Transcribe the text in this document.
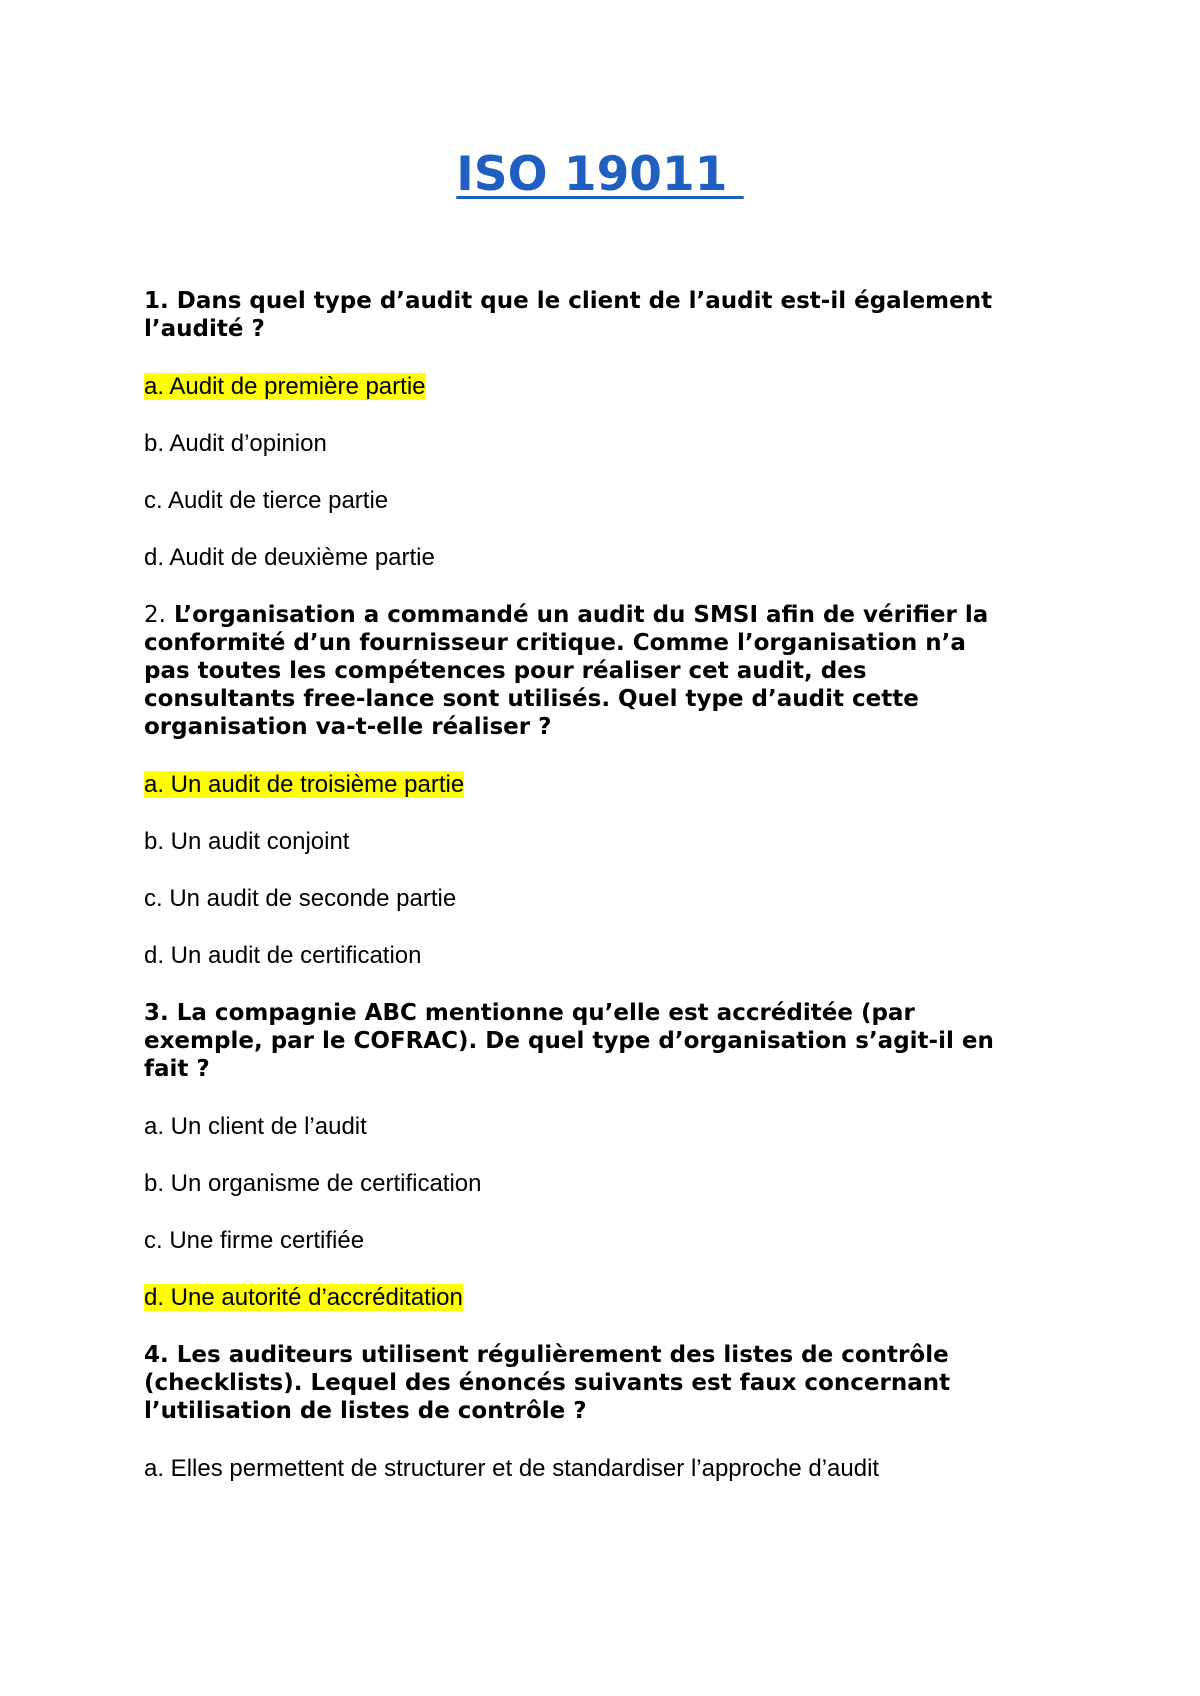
ISO 19011
1. Dans quel type d’audit que le client de l’audit est-il également
l’audité ?
a. Audit de première partie
b. Audit d’opinion
c. Audit de tierce partie
d. Audit de deuxième partie
2. L’organisation a commandé un audit du SMSI afin de vérifier la
conformité d’un fournisseur critique. Comme l’organisation n’a
pas toutes les compétences pour réaliser cet audit, des
consultants free-lance sont utilisés. Quel type d’audit cette
organisation va-t-elle réaliser ?
a. Un audit de troisième partie
b. Un audit conjoint
c. Un audit de seconde partie
d. Un audit de certification
3. La compagnie ABC mentionne qu’elle est accréditée (par
exemple, par le COFRAC). De quel type d’organisation s’agit-il en
fait ?
a. Un client de l’audit
b. Un organisme de certification
c. Une firme certifiée
d. Une autorité d’accréditation
4. Les auditeurs utilisent régulièrement des listes de contrôle
(checklists). Lequel des énoncés suivants est faux concernant
l’utilisation de listes de contrôle ?
a. Elles permettent de structurer et de standardiser l’approche d’audit
